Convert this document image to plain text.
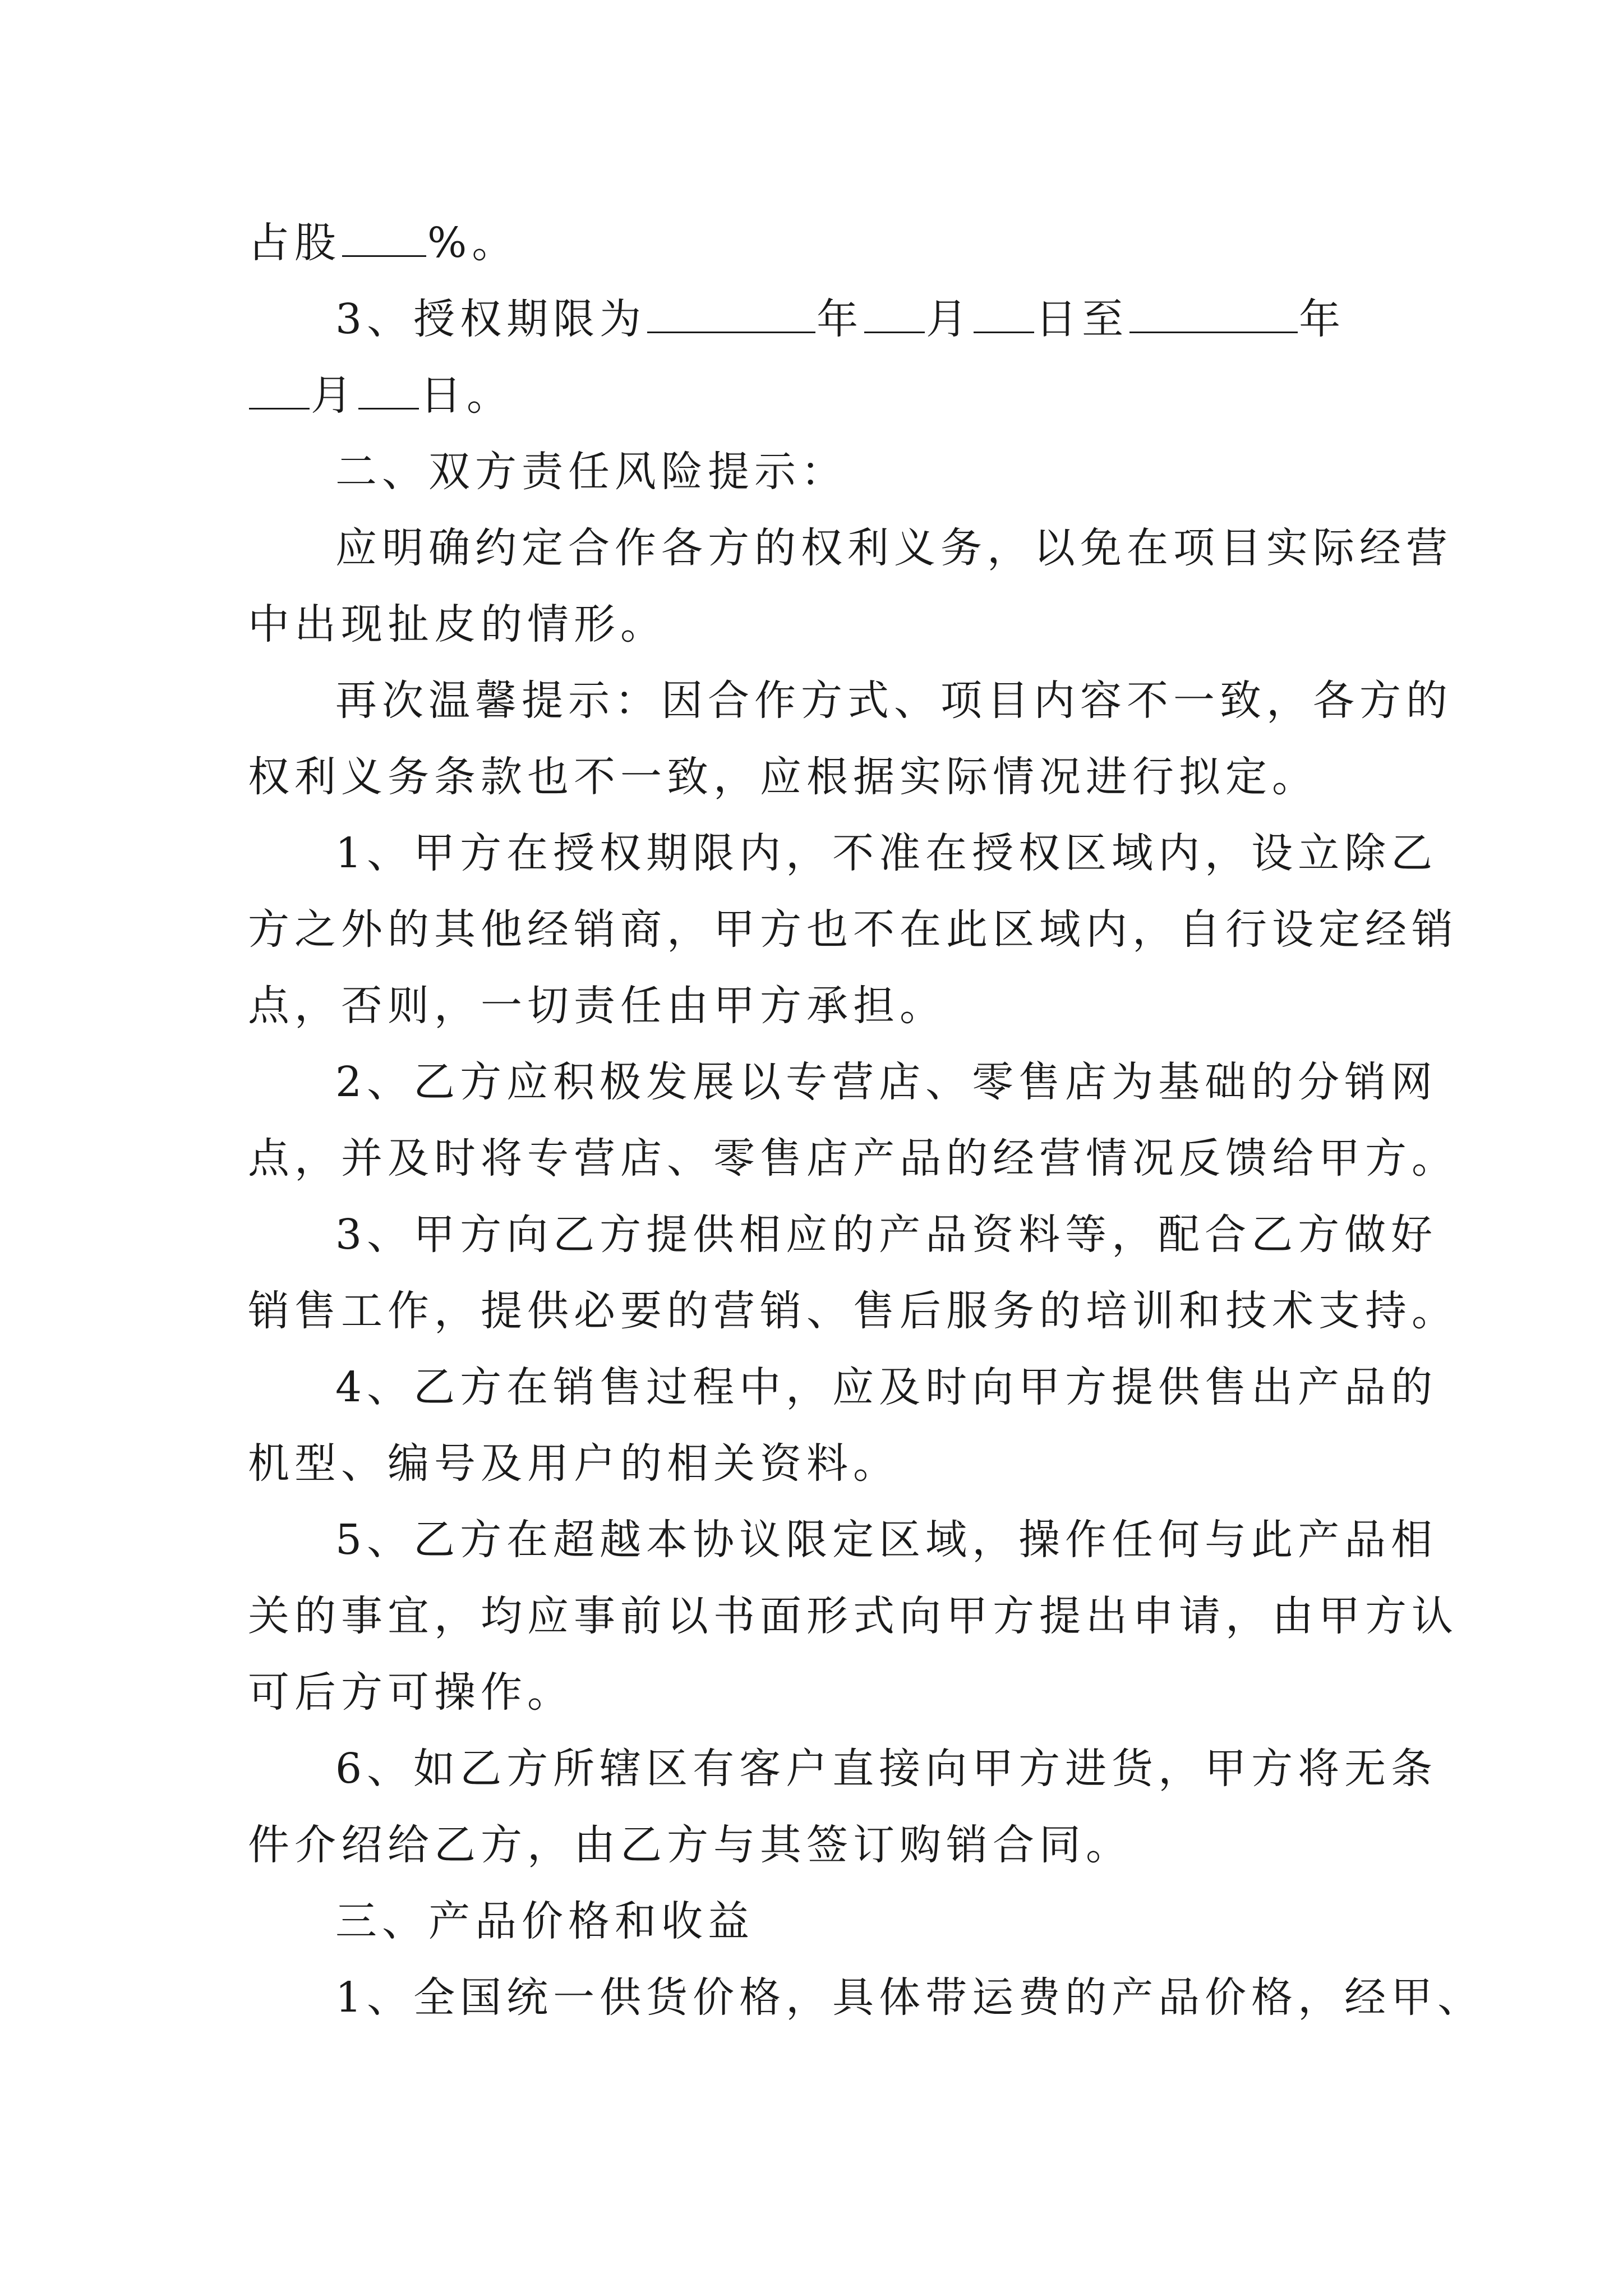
占股 %。
3、授权期限为	年 月 日至	年
月 日。
二、双方责任风险提示：
应明确约定合作各方的权利义务，以免在项目实际经营
中出现扯皮的情形。
再次温馨提示：因合作方式、项目内容不一致，各方的
权利义务条款也不一致，应根据实际情况进行拟定。
1、甲方在授权期限内，不准在授权区域内，设立除乙
方之外的其他经销商，甲方也不在此区域内，自行设定经销
点，否则，一切责任由甲方承担。
2、乙方应积极发展以专营店、零售店为基础的分销网
点，并及时将专营店、零售店产品的经营情况反馈给甲方。
3、甲方向乙方提供相应的产品资料等，配合乙方做好
销售工作，提供必要的营销、售后服务的培训和技术支持。
4、乙方在销售过程中，应及时向甲方提供售出产品的
机型、编号及用户的相关资料。
5、乙方在超越本协议限定区域，操作任何与此产品相
关的事宜，均应事前以书面形式向甲方提出申请，由甲方认
可后方可操作。
6、如乙方所辖区有客户直接向甲方进货，甲方将无条
件介绍给乙方，由乙方与其签订购销合同。
三、产品价格和收益
1、全国统一供货价格，具体带运费的产品价格，经甲、
